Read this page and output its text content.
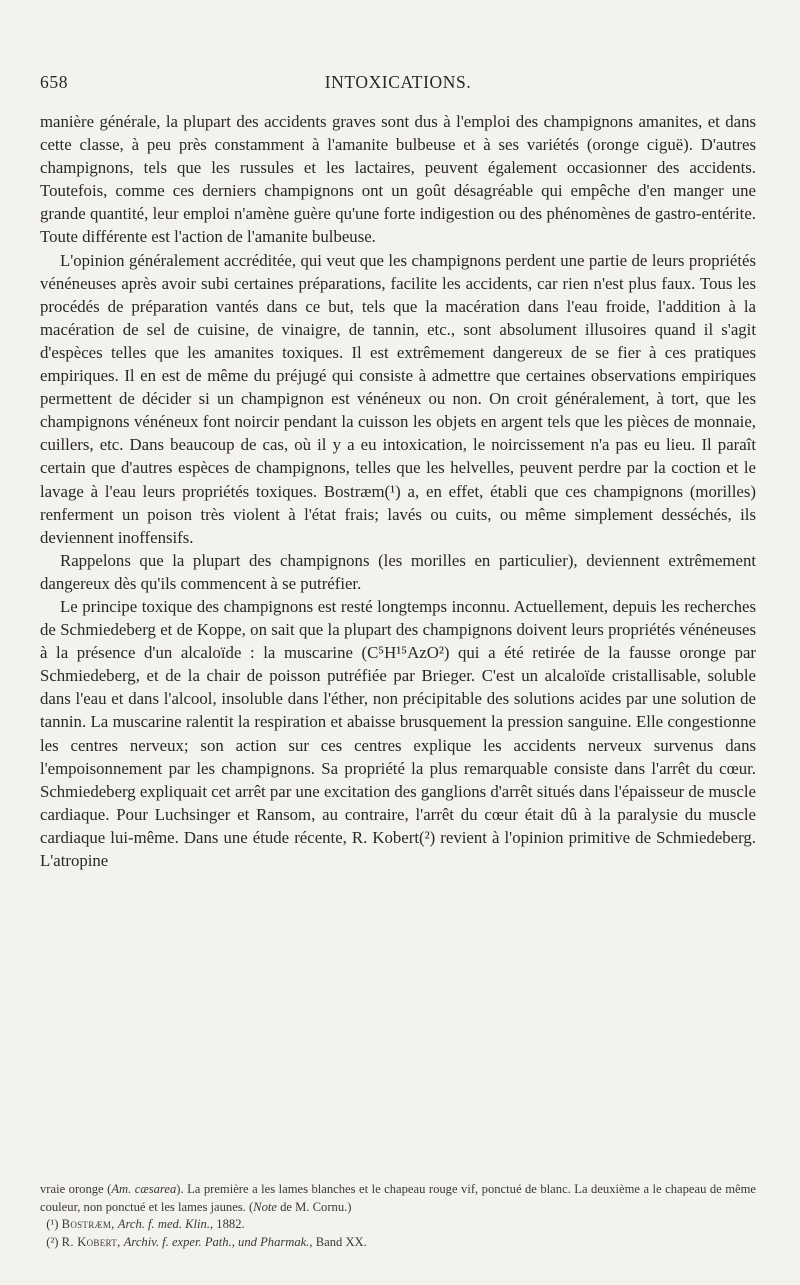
658	INTOXICATIONS.

manière générale, la plupart des accidents graves sont dus à l'emploi des champignons amanites, et dans cette classe, à peu près constamment à l'amanite bulbeuse et à ses variétés (oronge ciguë). D'autres champignons, tels que les russules et les lactaires, peuvent également occasionner des accidents. Toutefois, comme ces derniers champignons ont un goût désagréable qui empêche d'en manger une grande quantité, leur emploi n'amène guère qu'une forte indigestion ou des phénomènes de gastro-entérite. Toute différente est l'action de l'amanite bulbeuse.

L'opinion généralement accréditée, qui veut que les champignons perdent une partie de leurs propriétés vénéneuses après avoir subi certaines préparations, facilite les accidents, car rien n'est plus faux. Tous les procédés de préparation vantés dans ce but, tels que la macération dans l'eau froide, l'addition à la macération de sel de cuisine, de vinaigre, de tannin, etc., sont absolument illusoires quand il s'agit d'espèces telles que les amanites toxiques. Il est extrêmement dangereux de se fier à ces pratiques empiriques. Il en est de même du préjugé qui consiste à admettre que certaines observations empiriques permettent de décider si un champignon est vénéneux ou non. On croit généralement, à tort, que les champignons vénéneux font noircir pendant la cuisson les objets en argent tels que les pièces de monnaie, cuillers, etc. Dans beaucoup de cas, où il y a eu intoxication, le noircissement n'a pas eu lieu. Il paraît certain que d'autres espèces de champignons, telles que les helvelles, peuvent perdre par la coction et le lavage à l'eau leurs propriétés toxiques. Bostræm(¹) a, en effet, établi que ces champignons (morilles) renferment un poison très violent à l'état frais; lavés ou cuits, ou même simplement desséchés, ils deviennent inoffensifs.

Rappelons que la plupart des champignons (les morilles en particulier), deviennent extrêmement dangereux dès qu'ils commencent à se putréfier.

Le principe toxique des champignons est resté longtemps inconnu. Actuellement, depuis les recherches de Schmiedeberg et de Koppe, on sait que la plupart des champignons doivent leurs propriétés vénéneuses à la présence d'un alcaloïde : la muscarine (C⁵H¹⁵AzO²) qui a été retirée de la fausse oronge par Schmiedeberg, et de la chair de poisson putréfiée par Brieger. C'est un alcaloïde cristallisable, soluble dans l'eau et dans l'alcool, insoluble dans l'éther, non précipitable des solutions acides par une solution de tannin. La muscarine ralentit la respiration et abaisse brusquement la pression sanguine. Elle congestionne les centres nerveux; son action sur ces centres explique les accidents nerveux survenus dans l'empoisonnement par les champignons. Sa propriété la plus remarquable consiste dans l'arrêt du cœur. Schmiedeberg expliquait cet arrêt par une excitation des ganglions d'arrêt situés dans l'épaisseur de muscle cardiaque. Pour Luchsinger et Ransom, au contraire, l'arrêt du cœur était dû à la paralysie du muscle cardiaque lui-même. Dans une étude récente, R. Kobert(²) revient à l'opinion primitive de Schmiedeberg. L'atropine

vraie oronge (Am. cæsarea). La première a les lames blanches et le chapeau rouge vif, ponctué de blanc. La deuxième a le chapeau de même couleur, non ponctué et les lames jaunes. (Note de M. Cornu.)

(¹) Bostræm, Arch. f. med. Klin., 1882.

(²) R. Kobert, Archiv. f. exper. Path., und Pharmak., Band XX.
